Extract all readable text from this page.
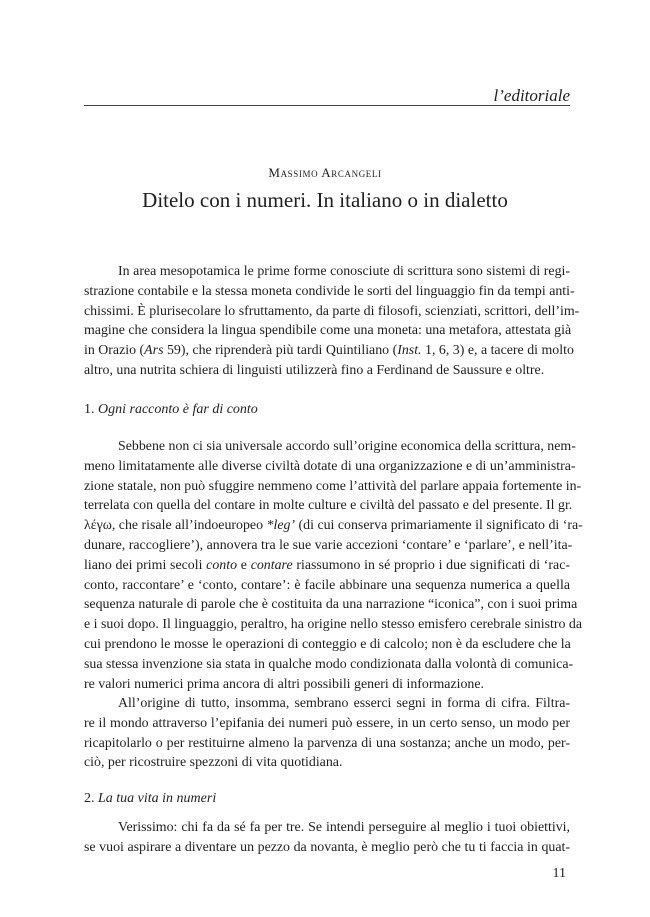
l’editoriale
Massimo Arcangeli
Ditelo con i numeri. In italiano o in dialetto
In area mesopotamica le prime forme conosciute di scrittura sono sistemi di regi-
strazione contabile e la stessa moneta condivide le sorti del linguaggio fin da tempi anti-
chissimi. È plurisecolare lo sfruttamento, da parte di filosofi, scienziati, scrittori, dell’im-
magine che considera la lingua spendibile come una moneta: una metafora, attestata già
in Orazio (Ars 59), che riprenderà più tardi Quintiliano (Inst. 1, 6, 3) e, a tacere di molto
altro, una nutrita schiera di linguisti utilizzerà fino a Ferdinand de Saussure e oltre.

1. Ogni racconto è far di conto

Sebbene non ci sia universale accordo sull’origine economica della scrittura, nem-
meno limitatamente alle diverse civiltà dotate di una organizzazione e di un’amministra-
zione statale, non può sfuggire nemmeno come l’attività del parlare appaia fortemente in-
terrelata con quella del contare in molte culture e civiltà del passato e del presente. Il gr.
λέγω, che risale all’indoeuropeo *leg’ (di cui conserva primariamente il significato di ‘ra-
dunare, raccogliere’), annovera tra le sue varie accezioni ‘contare’ e ‘parlare’, e nell’ita-
liano dei primi secoli conto e contare riassumono in sé proprio i due significati di ‘rac-
conto, raccontare’ e ‘conto, contare’: è facile abbinare una sequenza numerica a quella
sequenza naturale di parole che è costituita da una narrazione “iconica”, con i suoi prima
e i suoi dopo. Il linguaggio, peraltro, ha origine nello stesso emisfero cerebrale sinistro da
cui prendono le mosse le operazioni di conteggio e di calcolo; non è da escludere che la
sua stessa invenzione sia stata in qualche modo condizionata dalla volontà di comunica-
re valori numerici prima ancora di altri possibili generi di informazione.
All’origine di tutto, insomma, sembrano esserci segni in forma di cifra. Filtra-
re il mondo attraverso l’epifania dei numeri può essere, in un certo senso, un modo per
ricapitolarlo o per restituirne almeno la parvenza di una sostanza; anche un modo, per-
ciò, per ricostruire spezzoni di vita quotidiana.

2. La tua vita in numeri

Verissimo: chi fa da sé fa per tre. Se intendi perseguire al meglio i tuoi obiettivi,
se vuoi aspirare a diventare un pezzo da novanta, è meglio però che tu ti faccia in quat-
11
